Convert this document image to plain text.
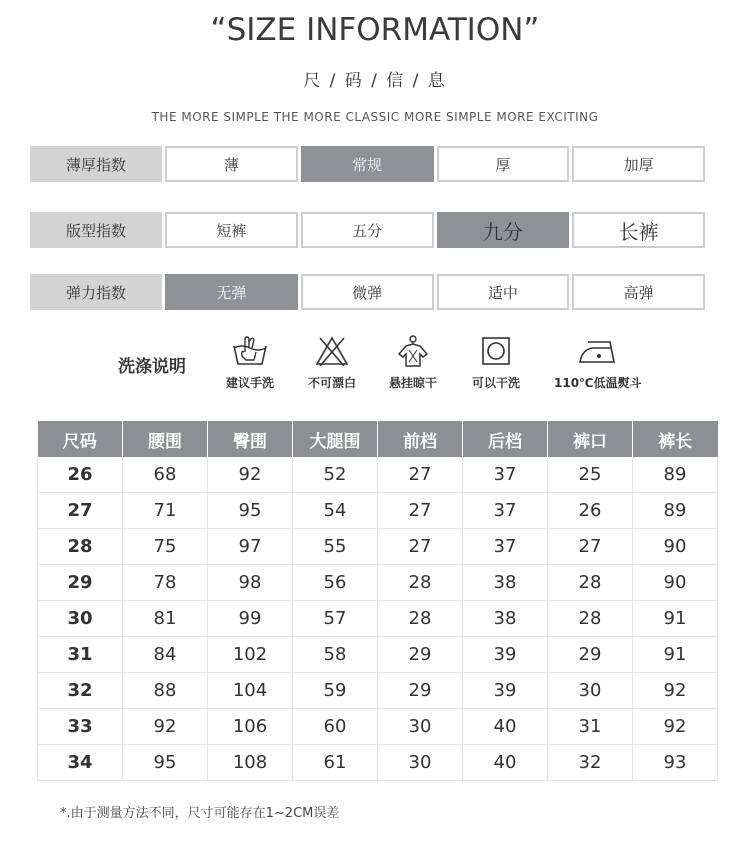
“SIZE INFORMATION”
尺 / 码 / 信 / 息
THE MORE SIMPLE THE MORE CLASSIC MORE SIMPLE MORE EXCITING
薄厚指数	薄	常规	厚	加厚
版型指数	短裤	五分	九分	长裤
弹力指数	无弹	微弹	适中	高弹
洗涤说明
建议手洗	不可漂白	悬挂晾干	可以干洗	110℃低温熨斗
尺码	腰围	臀围	大腿围	前档	后档	裤口	裤长
26	68	92	52	27	37	25	89
27	71	95	54	27	37	26	89
28	75	97	55	27	37	27	90
29	78	98	56	28	38	28	90
30	81	99	57	28	38	28	91
31	84	102	58	29	39	29	91
32	88	104	59	29	39	30	92
33	92	106	60	30	40	31	92
34	95	108	61	30	40	32	93
*.由于测量方法不同，尺寸可能存在1~2CM误差
